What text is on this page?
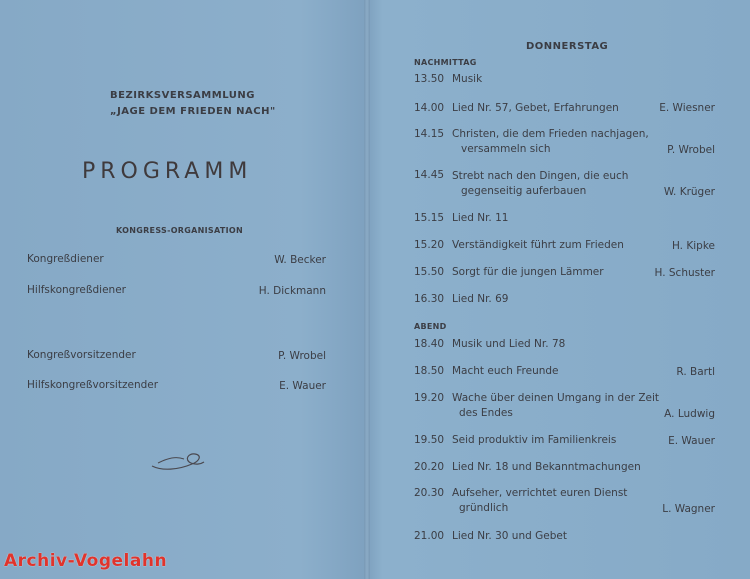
BEZIRKSVERSAMMLUNG
„JAGE DEM FRIEDEN NACH"
PROGRAMM
KONGRESS-ORGANISATION
Kongreßdiener	W. Becker
Hilfskongreßdiener	H. Dickmann
Kongreßvorsitzender	P. Wrobel
Hilfskongreßvorsitzender	E. Wauer
DONNERSTAG
NACHMITTAG
13.50 Musik
14.00 Lied Nr. 57, Gebet, Erfahrungen	E. Wiesner
14.15 Christen, die dem Frieden nachjagen,
versammeln sich	P. Wrobel
14.45 Strebt nach den Dingen, die euch
gegenseitig auferbauen	W. Krüger
15.15 Lied Nr. 11
15.20 Verständigkeit führt zum Frieden	H. Kipke
15.50 Sorgt für die jungen Lämmer	H. Schuster
16.30 Lied Nr. 69
ABEND
18.40 Musik und Lied Nr. 78
18.50 Macht euch Freunde	R. Bartl
19.20 Wache über deinen Umgang in der Zeit
des Endes	A. Ludwig
19.50 Seid produktiv im Familienkreis	E. Wauer
20.20 Lied Nr. 18 und Bekanntmachungen
20.30 Aufseher, verrichtet euren Dienst
gründlich	L. Wagner
21.00 Lied Nr. 30 und Gebet
Archiv-Vogelahn
